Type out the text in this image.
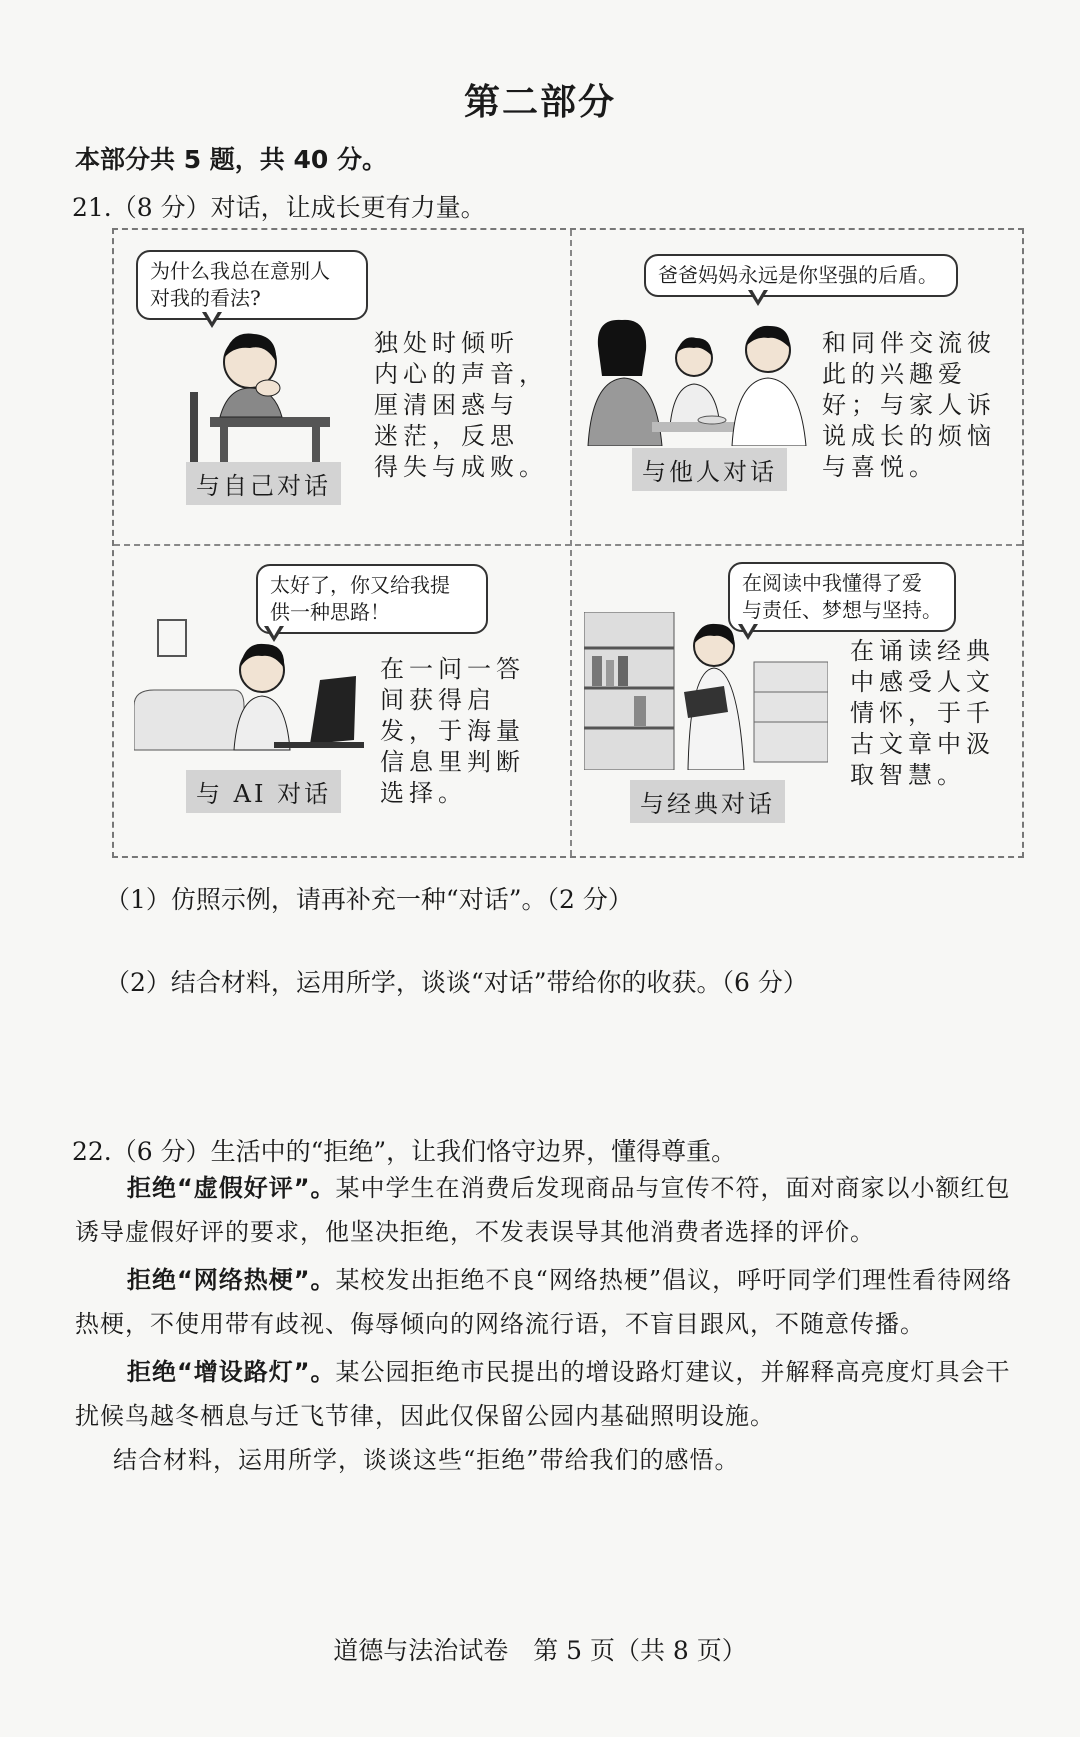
第二部分
本部分共 5 题，共 40 分。
21.（8 分）对话，让成长更有力量。
为什么我总在意别人
对我的看法?
独处时倾听
内心的声音，
厘清困惑与
迷茫，反思
得失与成败。
与自己对话
爸爸妈妈永远是你坚强的后盾。
和同伴交流彼
此的兴趣爱
好；与家人诉
说成长的烦恼
与喜悦。
与他人对话
太好了，你又给我提
供一种思路！
在一问一答
间获得启
发，于海量
信息里判断
选择。
与 AI 对话
在阅读中我懂得了爱
与责任、梦想与坚持。
在诵读经典
中感受人文
情怀，于千
古文章中汲
取智慧。
与经典对话
（1）仿照示例，请再补充一种“对话”。（2 分）
（2）结合材料，运用所学，谈谈“对话”带给你的收获。（6 分）
22.（6 分）生活中的“拒绝”，让我们恪守边界，懂得尊重。

拒绝“虚假好评”。某中学生在消费后发现商品与宣传不符，面对商家以小额红包诱导虚假好评的要求，他坚决拒绝，不发表误导其他消费者选择的评价。

拒绝“网络热梗”。某校发出拒绝不良“网络热梗”倡议，呼吁同学们理性看待网络热梗，不使用带有歧视、侮辱倾向的网络流行语，不盲目跟风，不随意传播。

拒绝“增设路灯”。某公园拒绝市民提出的增设路灯建议，并解释高亮度灯具会干扰候鸟越冬栖息与迁飞节律，因此仅保留公园内基础照明设施。

结合材料，运用所学，谈谈这些“拒绝”带给我们的感悟。

道德与法治试卷　第 5 页（共 8 页）
